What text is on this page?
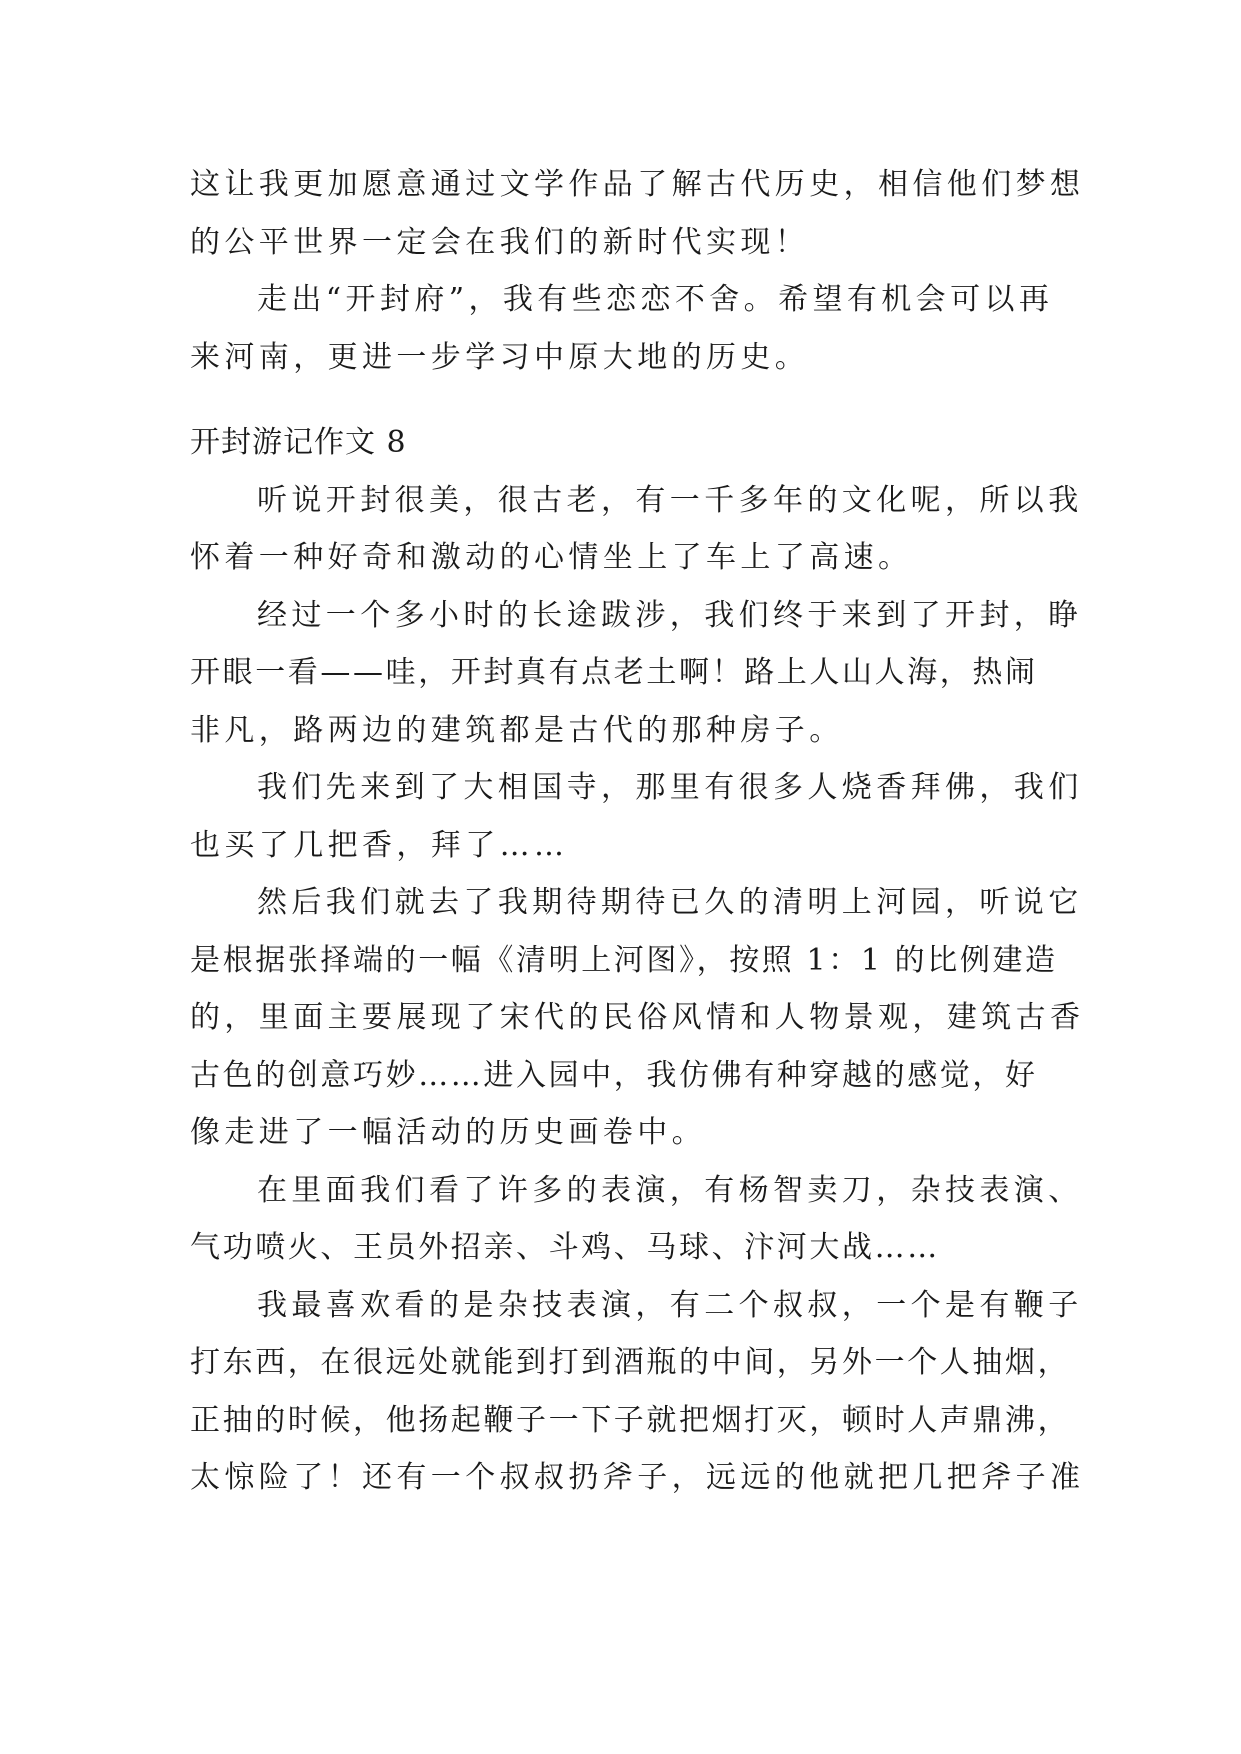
这让我更加愿意通过文学作品了解古代历史，相信他们梦想
的公平世界一定会在我们的新时代实现！
走出“开封府”，我有些恋恋不舍。希望有机会可以再
来河南，更进一步学习中原大地的历史。
开封游记作文 8
听说开封很美，很古老，有一千多年的文化呢，所以我
怀着一种好奇和激动的心情坐上了车上了高速。
经过一个多小时的长途跋涉，我们终于来到了开封，睁
开眼一看——哇，开封真有点老土啊！路上人山人海，热闹
非凡，路两边的建筑都是古代的那种房子。
我们先来到了大相国寺，那里有很多人烧香拜佛，我们
也买了几把香，拜了……
然后我们就去了我期待期待已久的清明上河园，听说它
是根据张择端的一幅《清明上河图》，按照 1：1 的比例建造
的，里面主要展现了宋代的民俗风情和人物景观，建筑古香
古色的创意巧妙……进入园中，我仿佛有种穿越的感觉，好
像走进了一幅活动的历史画卷中。
在里面我们看了许多的表演，有杨智卖刀，杂技表演、
气功喷火、王员外招亲、斗鸡、马球、汴河大战……
我最喜欢看的是杂技表演，有二个叔叔，一个是有鞭子
打东西，在很远处就能到打到酒瓶的中间，另外一个人抽烟，
正抽的时候，他扬起鞭子一下子就把烟打灭，顿时人声鼎沸，
太惊险了！还有一个叔叔扔斧子，远远的他就把几把斧子准
